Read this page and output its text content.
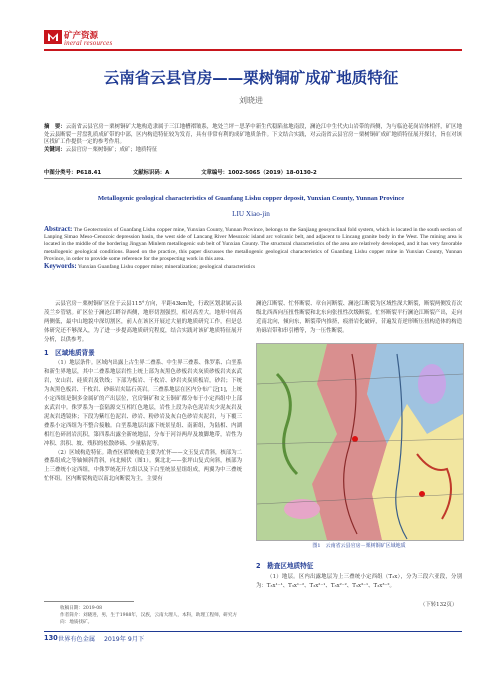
矿产资源
ineral resources
云南省云县官房——栗树铜矿成矿地质特征
刘晓进
摘　要：云南省云县官房－栗树铜矿大地构造隶属于三江地槽褶皱系，地处兰坪－思茅中新生代稳陷盆地南段，澜沧江中生代火山岩带的西侧，为与临沧花岗岩体相伴，矿区地处云县断裂－营盘乳质成矿带的中部，区内构造特征较为发育，具有非常有利的成矿地质条件。下文结合实践，对云南省云县官房－栗树铜矿成矿地质特征展开探讨，旨在对该区找矿工作提供一定的参考作用。
关键词：云县官房－栗树铜矿；成矿；地质特征
中图分类号：P618.41	文献标识码：A	文章编号：1002-5065（2019）18-0130-2
Metallogenic geological characteristics of Guanfang Lishu copper deposit, Yunxian County, Yunnan Province
LIU Xiao-jin
Abstract: The Geotectonics of Guanfang Lishu copper mine, Yunxian County, Yunnan Province, belongs to the Sanjiang geosynclinal fold system, which is located in the south section of Lanping Simao Meso-Cenozoic depression basin, the west side of Lancang River Mesozoic island arc volcanic belt, and adjacent to Lincang granite body in the West. The mining area is located in the middle of the bordering Jingyan Minlem metallogenic sub belt of Yunxian County. The structural characteristics of the area are relatively developed, and it has very favorable metallogenic geological conditions. Based on the practice, this paper discusses the metallogenic geological characteristics of Guanfang Lishu copper mine in Yunxian County, Yunnan Province, in order to provide some reference for the prospecting work in this area.
Keywords: Yunxian Guanfang Lishu copper mine; mineralization; geological characteristics
云县官房－栗树铜矿区位于云县115°方向，平距43km处，行政区划隶属云县茂兰乡管辖。矿区位于澜沧江畔谷西侧，地形切割强烈，相对高差大。地形中间高两侧低，最中山地貌中深切割区，前人在该区开展过大量的地质研究工作，但是总体研究还不够深入，为了进一步提高地质研究程度，结合实践对该矿地质特征展开分析，以供参考。
1　区域地质背景
（1）地层条件。区域内出露上古生界二叠系、中生界三叠系、侏罗系、白垩系和新生界地层，其中二叠系地层岩性上统上部为灰黑色砂板岩夹灰质砂板岩夹玄武岩，安山岩、硅质岩及铁线；下部为板岩、千枚岩、砂岩夹炭质板岩，砂岩；下统为灰黑色板岩、千枚岩、砂砾岩夹锰石英岩。三叠系地层在区内分布广泛[1]，上统小定西组是铜多金属矿的产出层位，官房铜矿和文玉铜矿都分布于小定西组中上部玄武岩中。侏罗系为一套陆源交互相红色地层，岩性上段为杂色泥岩夹少泥灰岩及泥灰岩透镜体；下段为紫红色泥岩、砂岩、粉砂岩及灰白色砂岩夹泥岩，与下覆三叠系小定西组为不整合接触。白垩系地层出露下统景星组、南新组，为陆相、内湖相红色碎屑岩沉积，第四系出露全新统地层，分布于河谷两岸及坡脚地带，岩性为冲积、洪积、坡、残积的松散砂砾、少量粘泥等。
（2）区域构造特征。勘查区褶皱构造主要为忙怀——文玉复式背斜，核部为二叠系组成之等轴倾斜背斜，向北倾伏（图1）。翼北北——张坪山复式向斜，核部为上三叠统小定西组，中侏罗统花开左组以及下白垩统景星组组成，两翼为中三叠统忙怀组。区内断裂构造以南北向断裂为主，主要有
澜沧江断裂、忙怀断裂、章台河断裂、澜沧江断裂为区域性深大断裂，断裂两侧发育次级北西西向压扭性断裂和北东向张扭性次级断裂。忙怀断裂平行澜沧江断裂产出，走向近南北向，倾向东，断裂带内推挤，痕滑岩化破碎，昔遍发育逆形断压扭构造体的构造角砾岩带和串引槽等，为一压性断裂。
图1　云南省云县官房－栗树铜矿区域地质
2　勘查区地质特征
（1）地层。区内出露地层为上三叠统小定西组（T₃x），分为三段六亚段，分别为：T₃x¹⁻¹、T₃x¹⁻²、T₃x²⁻¹、T₃x²⁻²、T₃x³⁻¹、T₃x³⁻²。
（下转132页）
收稿日期：2019-08
作者简介：刘晓进，男，生于1988年，汉族，云南大理人，本科，助理工程师，研究方向：地质找矿。
130 世界有色金属 2019年 9月下
